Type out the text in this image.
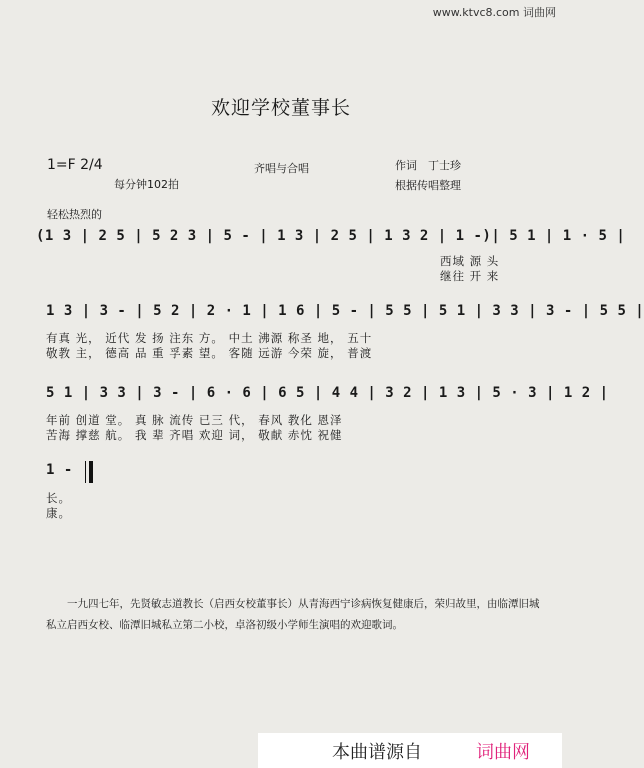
www.ktvc8.com 词曲网
欢迎学校董事长
1=F 2/4
每分钟102拍
齐唱与合唱	作词　丁士珍
根据传唱整理
轻松热烈的
(1 3 | 2 5 | 5 2 3 | 5 - | 1 3 | 2 5 | 1 3 2 | 1 -)| 5 1 | 1 · 5 |
西域 源 头
继往 开 来
1 3 | 3 - | 5 2 | 2 · 1 | 1 6 | 5 - | 5 5 | 5 1 | 3 3 | 3 - | 5 5 |
有真 光， 近代 发 扬 注东 方。 中土 沸源 称圣 地， 五十
敬教 主， 德高 品 重 孚素 望。 客随 远游 今荣 旋， 普渡
5 1 | 3 3 | 3 - | 6 · 6 | 6 5 | 4 4 | 3 2 | 1 3 | 5 · 3 | 1 2 |
年前 创道 堂。 真 脉 流传 已三 代， 春风 教化 恩泽
苦海 撑慈 航。 我 辈 齐唱 欢迎 词， 敬献 赤忱 祝健
1 -
长。
康。
一九四七年，先贤敏志道教长（启西女校董事长）从青海西宁诊病恢复健康后，荣归故里，由临潭旧城私立启西女校、临潭旧城私立第二小校，卓洛初级小学师生演唱的欢迎歌词。
本曲谱源自	词曲网
